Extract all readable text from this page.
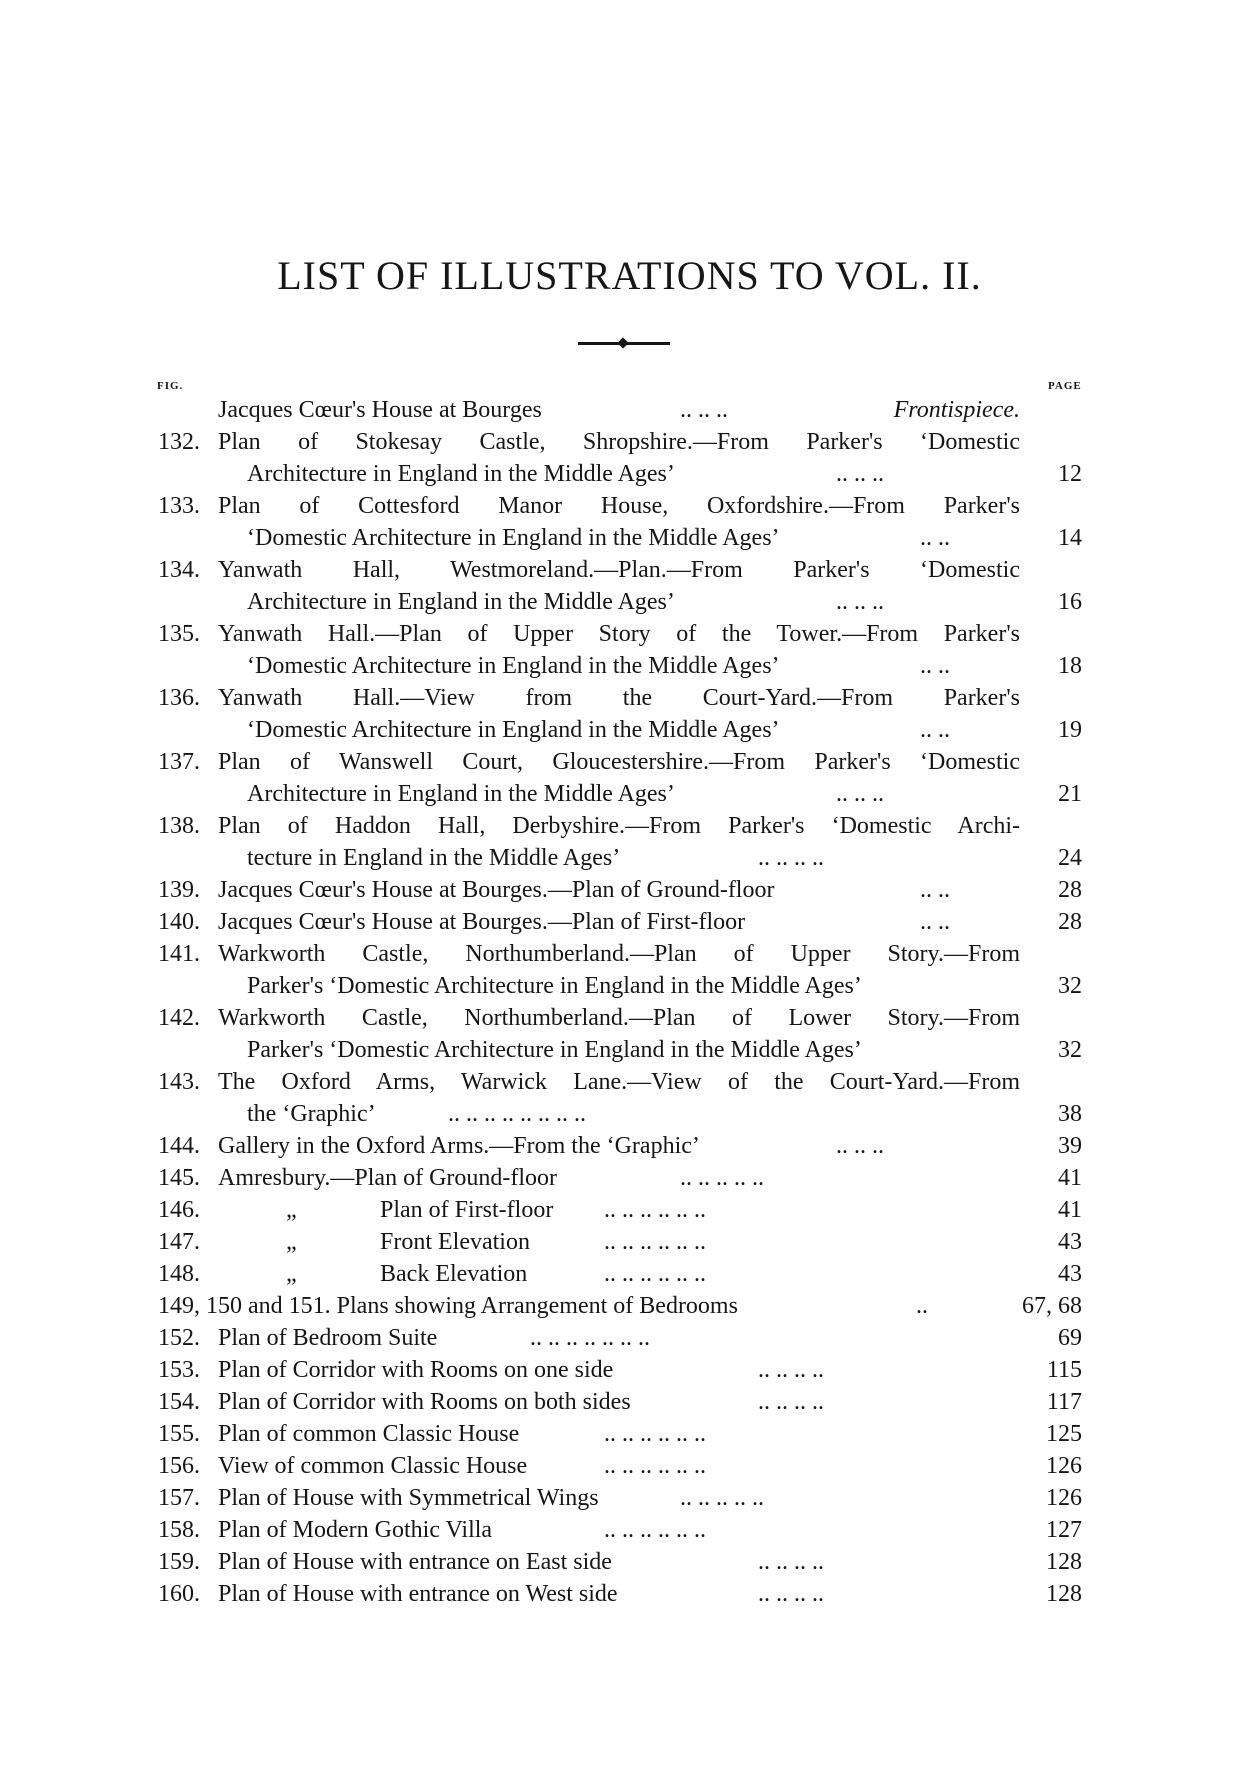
LIST OF ILLUSTRATIONS TO VOL. II.
FIG.	PAGE
Jacques Cœur's House at Bourges	.. .. ..	Frontispiece.
132. Plan of Stokesay Castle, Shropshire.—From Parker's ‘Domestic
Architecture in England in the Middle Ages’	.. .. ..	12
133. Plan of Cottesford Manor House, Oxfordshire.—From Parker's
‘Domestic Architecture in England in the Middle Ages’	.. ..	14
134. Yanwath Hall, Westmoreland.—Plan.—From Parker's ‘Domestic
Architecture in England in the Middle Ages’	.. .. ..	16
135. Yanwath Hall.—Plan of Upper Story of the Tower.—From Parker's
‘Domestic Architecture in England in the Middle Ages’	.. ..	18
136. Yanwath Hall.—View from the Court-Yard.—From Parker's
‘Domestic Architecture in England in the Middle Ages’	.. ..	19
137. Plan of Wanswell Court, Gloucestershire.—From Parker's ‘Domestic
Architecture in England in the Middle Ages’	.. .. ..	21
138. Plan of Haddon Hall, Derbyshire.—From Parker's ‘Domestic Archi-
tecture in England in the Middle Ages’	.. .. .. ..	24
139. Jacques Cœur's House at Bourges.—Plan of Ground-floor	.. ..	28
140. Jacques Cœur's House at Bourges.—Plan of First-floor	.. ..	28
141. Warkworth Castle, Northumberland.—Plan of Upper Story.—From
Parker's ‘Domestic Architecture in England in the Middle Ages’	32
142. Warkworth Castle, Northumberland.—Plan of Lower Story.—From
Parker's ‘Domestic Architecture in England in the Middle Ages’	32
143. The Oxford Arms, Warwick Lane.—View of the Court-Yard.—From
the ‘Graphic’	.. .. .. .. .. .. .. ..	38
144. Gallery in the Oxford Arms.—From the ‘Graphic’	.. .. ..	39
145. Amresbury.—Plan of Ground-floor	.. .. .. .. ..	41
146.	„	Plan of First-floor .. .. .. .. .. ..	41
147.	„	Front Elevation	.. .. .. .. .. ..	43
148.	„	Back Elevation	.. .. .. .. .. ..	43
149, 150 and 151. Plans showing Arrangement of Bedrooms	..	67, 68
152. Plan of Bedroom Suite	.. .. .. .. .. .. ..	69
153. Plan of Corridor with Rooms on one side	.. .. .. ..	115
154. Plan of Corridor with Rooms on both sides	.. .. .. ..	117
155. Plan of common Classic House	.. .. .. .. .. ..	125
156. View of common Classic House	.. .. .. .. .. ..	126
157. Plan of House with Symmetrical Wings	.. .. .. .. ..	126
158. Plan of Modern Gothic Villa	.. .. .. .. .. ..	127
159. Plan of House with entrance on East side	.. .. .. ..	128
160. Plan of House with entrance on West side	.. .. .. ..	128
